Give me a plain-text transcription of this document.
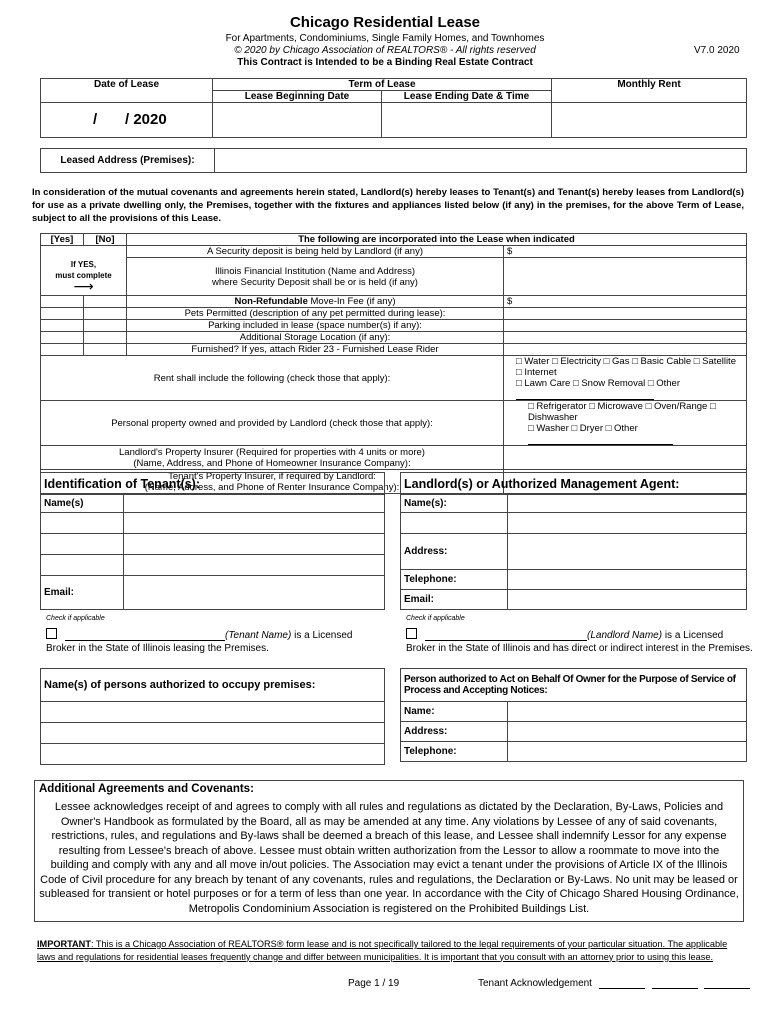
Chicago Residential Lease
For Apartments, Condominiums, Single Family Homes, and Townhomes
© 2020 by Chicago Association of REALTORS® - All rights reserved
This Contract is Intended to be a Binding Real Estate Contract
V7.0 2020
Date of Lease	Term of Lease		Monthly Rent
	Lease Beginning Date	Lease Ending Date & Time	

/ / 2020			

Leased Address (Premises):	
In consideration of the mutual covenants and agreements herein stated, Landlord(s) hereby leases to Tenant(s) and Tenant(s) hereby leases from Landlord(s) for use as a private dwelling only, the Premises, together with the fixtures and appliances listed below (if any) in the premises, for the above Term of Lease, subject to all the provisions of this Lease.
[Yes]	[No]	The following are incorporated into the Lease when indicated	

If YES,
must complete
⟶		A Security deposit is being held by Landlord (if any)	$

		Illinois Financial Institution (Name and Address)
where Security Deposit shall be or is held (if any)	

		Non-Refundable Move-In Fee (if any)	$
		Pets Permitted (description of any pet permitted during lease):	
		Parking included in lease (space number(s) if any):	
		Additional Storage Location (if any):	
		Furnished? If yes, attach Rider 23 - Furnished Lease Rider	
Rent shall include the following (check those that apply):			□ Water □ Electricity □ Gas □ Basic Cable □ Satellite □ Internet
□ Lawn Care □ Snow Removal □ Other

Personal property owned and provided by Landlord (check those that apply):			□ Refrigerator □ Microwave □ Oven/Range □ Dishwasher
□ Washer □ Dryer □ Other

Landlord's Property Insurer (Required for properties with 4 units or more)
(Name, Address, and Phone of Homeowner Insurance Company):			

Tenant's Property Insurer, if required by Landlord:
(Name, Address, and Phone of Renter Insurance Company):			

Identification of Tenant(s):	
Name(s)	

Email:	
Landlord(s) or Authorized Management Agent:	
Name(s):	

Address:	
Telephone:	
Email:	
Check if applicable
(Tenant Name) is a Licensed
Broker in the State of Illinois leasing the Premises.
Check if applicable
(Landlord Name) is a Licensed
Broker in the State of Illinois and has direct or indirect interest in the Premises.
Name(s) of persons authorized to occupy premises:	Person authorized to Act on Behalf Of Owner for the Purpose of Service of
Process and Accepting Notices:	

Name:	
Address:	
Telephone:	
Additional Agreements and Covenants:
Lessee acknowledges receipt of and agrees to comply with all rules and regulations as dictated by the Declaration, By-Laws, Policies and Owner's Handbook as formulated by the Board, all as may be amended at any time. Any violations by Lessee of any of said covenants, restrictions, rules, and regulations and By-laws shall be deemed a breach of this lease, and Lessee shall indemnify Lessor for any expense resulting from Lessee's breach of above. Lessee must obtain written authorization from the Lessor to allow a roommate to move into the building and comply with any and all move in/out policies. The Association may evict a tenant under the provisions of Article IX of the Illinois Code of Civil procedure for any breach by tenant of any covenants, rules and regulations, the Declaration or By-Laws. No unit may be leased or subleased for transient or hotel purposes or for a term of less than one year. In accordance with the City of Chicago Shared Housing Ordinance, Metropolis Condominium Association is registered on the Prohibited Buildings List.
IMPORTANT: This is a Chicago Association of REALTORS® form lease and is not specifically tailored to the legal requirements of your particular situation. The applicable laws and regulations for residential leases frequently change and differ between municipalities. It is important that you consult with an attorney prior to using this lease.
Page 1 / 19	Tenant Acknowledgement
